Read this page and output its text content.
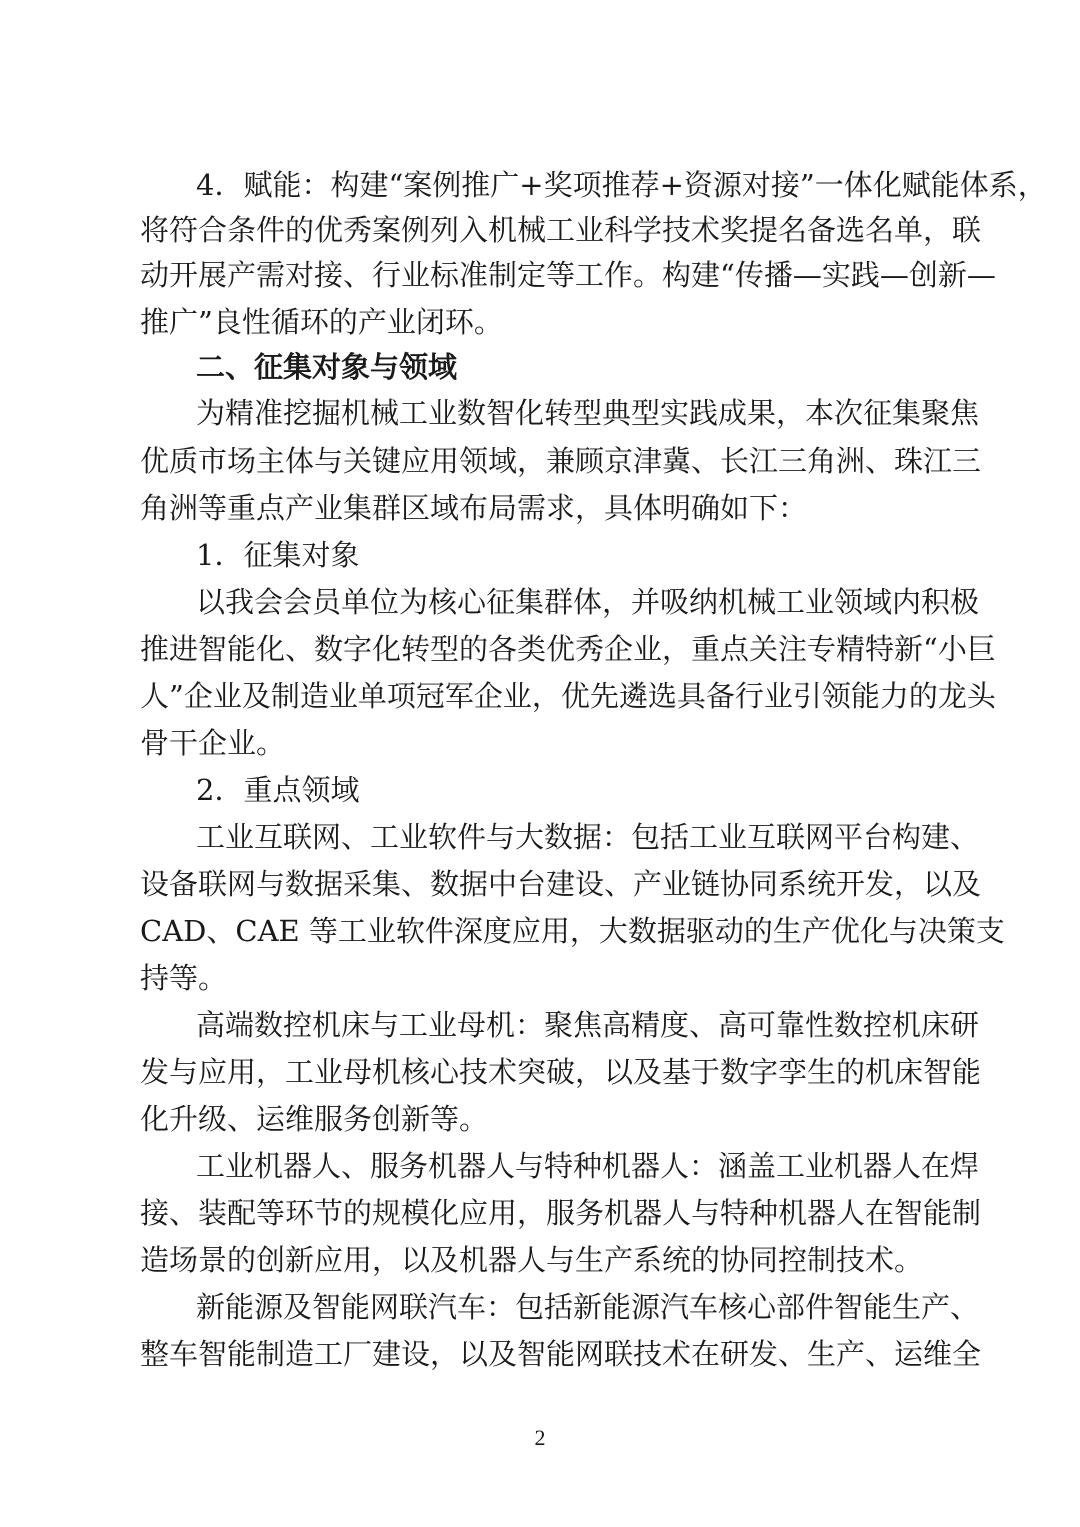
4．赋能：构建“案例推广+奖项推荐+资源对接”一体化赋能体系，
将符合条件的优秀案例列入机械工业科学技术奖提名备选名单，联
动开展产需对接、行业标准制定等工作。构建“传播—实践—创新—
推广”良性循环的产业闭环。
二、征集对象与领域
为精准挖掘机械工业数智化转型典型实践成果，本次征集聚焦
优质市场主体与关键应用领域，兼顾京津冀、长江三角洲、珠江三
角洲等重点产业集群区域布局需求，具体明确如下：
1．征集对象
以我会会员单位为核心征集群体，并吸纳机械工业领域内积极
推进智能化、数字化转型的各类优秀企业，重点关注专精特新“小巨
人”企业及制造业单项冠军企业，优先遴选具备行业引领能力的龙头
骨干企业。
2．重点领域
工业互联网、工业软件与大数据：包括工业互联网平台构建、
设备联网与数据采集、数据中台建设、产业链协同系统开发，以及
CAD、CAE 等工业软件深度应用，大数据驱动的生产优化与决策支
持等。
高端数控机床与工业母机：聚焦高精度、高可靠性数控机床研
发与应用，工业母机核心技术突破，以及基于数字孪生的机床智能
化升级、运维服务创新等。
工业机器人、服务机器人与特种机器人：涵盖工业机器人在焊
接、装配等环节的规模化应用，服务机器人与特种机器人在智能制
造场景的创新应用，以及机器人与生产系统的协同控制技术。
新能源及智能网联汽车：包括新能源汽车核心部件智能生产、
整车智能制造工厂建设，以及智能网联技术在研发、生产、运维全
2
